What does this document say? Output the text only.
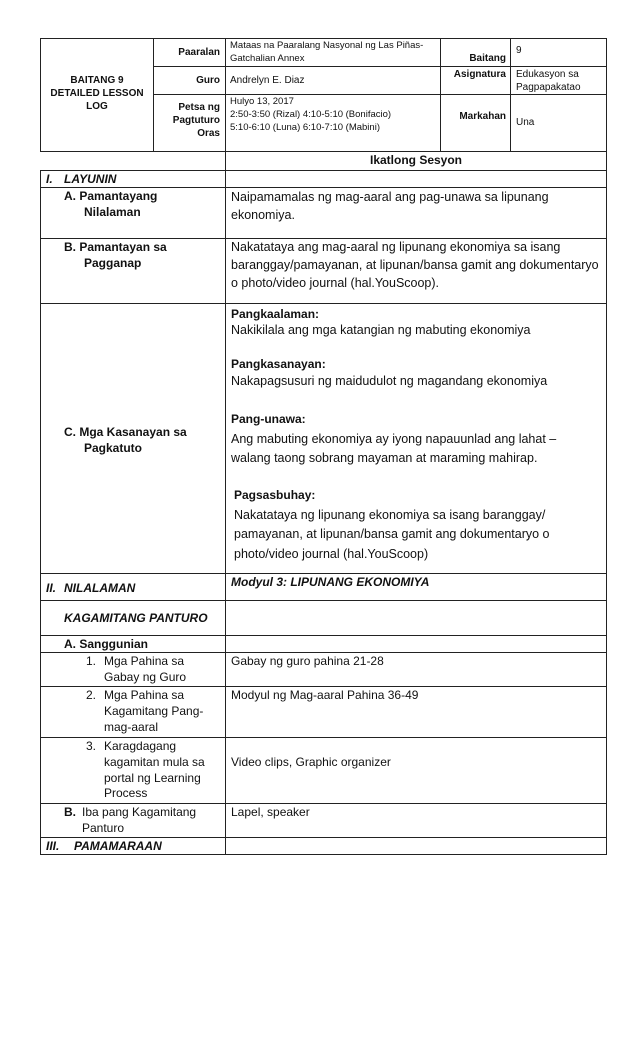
BAITANG 9 DETAILED LESSON LOG
Paaralan
Mataas na Paaralang Nasyonal ng Las Piñas-Gatchalian Annex	Baitang
9
Guro Andrelyn E. Diaz
Asignatura Edukasyon sa Pagpapakatao
Petsa ng Pagtuturo Oras
Hulyo 13, 2017
2:50-3:50 (Rizal) 4:10-5:10 (Bonifacio)
5:10-6:10 (Luna) 6:10-7:10 (Mabini)
Markahan
Una
Ikatlong Sesyon
I. LAYUNIN
A. Pamantayang
Nilalaman
Naipamamalas ng mag-aaral ang pag-unawa sa lipunang ekonomiya.
B. Pamantayan sa
Pagganap
Nakatataya ang mag-aaral ng lipunang ekonomiya sa isang baranggay/pamayanan, at lipunan/bansa gamit ang dokumentaryo o photo/video journal (hal.YouScoop).
C. Mga Kasanayan sa
Pagkatuto
Pangkaalaman:
Nakikilala ang mga katangian ng mabuting ekonomiya
Pangkasanayan:
Nakapagsusuri ng maidudulot ng magandang ekonomiya
Pang-unawa:
Ang mabuting ekonomiya ay iyong napauunlad ang lahat – walang taong sobrang mayaman at maraming mahirap.
Pagsasbuhay:
Nakatataya ng lipunang ekonomiya sa isang baranggay/ pamayanan, at lipunan/bansa gamit ang dokumentaryo o photo/video journal (hal.YouScoop)
II. NILALAMAN	Modyul 3: LIPUNANG EKONOMIYA
KAGAMITANG PANTURO
A. Sanggunian
1. Mga Pahina sa Gabay ng Guro
Gabay ng guro pahina 21-28
2. Mga Pahina sa Kagamitang Pang-mag-aaral
Modyul ng Mag-aaral Pahina 36-49
3. Karagdagang kagamitan mula sa portal ng Learning Process
Video clips, Graphic organizer
B. Iba pang Kagamitang Panturo
Lapel, speaker
III. PAMAMARAAN
